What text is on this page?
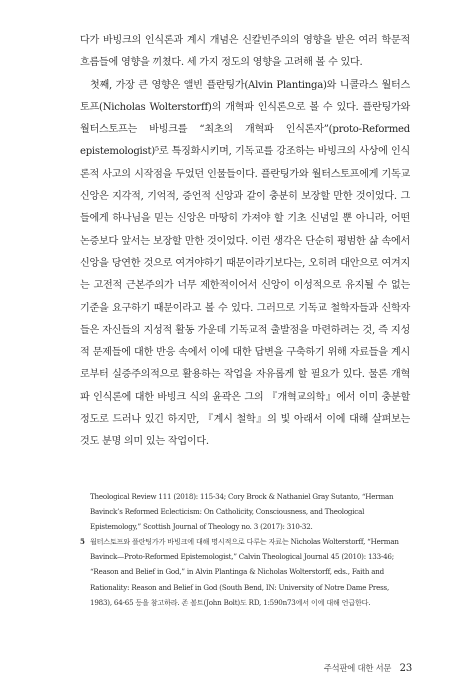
다가 바빙크의 인식론과 계시 개념은 신칼빈주의의 영향을 받은 여러 학문적 흐름들에 영향을 끼쳤다. 세 가지 정도의 영향을 고려해 볼 수 있다.

첫째, 가장 큰 영향은 앨빈 플란팅가(Alvin Plantinga)와 니콜라스 월터스토프(Nicholas Wolterstorff)의 개혁파 인식론으로 볼 수 있다. 플란팅가와 월터스토프는 바빙크를 “최초의 개혁파 인식론자”(proto-Reformed epistemologist)⁵로 특징화시키며, 기독교를 강조하는 바빙크의 사상에 인식론적 사고의 시작점을 두었던 인물들이다. 플란팅가와 월터스토프에게 기독교 신앙은 지각적, 기억적, 증언적 신앙과 같이 충분히 보장할 만한 것이었다. 그들에게 하나님을 믿는 신앙은 마땅히 가져야 할 기초 신념일 뿐 아니라, 어떤 논증보다 앞서는 보장할 만한 것이었다. 이런 생각은 단순히 평범한 삶 속에서 신앙을 당연한 것으로 여겨야하기 때문이라기보다는, 오히려 대안으로 여겨지는 고전적 근본주의가 너무 제한적이어서 신앙이 이성적으로 유지될 수 없는 기준을 요구하기 때문이라고 볼 수 있다. 그러므로 기독교 철학자들과 신학자들은 자신들의 지성적 활동 가운데 기독교적 출발점을 마련하려는 것, 즉 지성적 문제들에 대한 반응 속에서 이에 대한 답변을 구축하기 위해 자료들을 계시로부터 실증주의적으로 활용하는 작업을 자유롭게 할 필요가 있다. 물론 개혁파 인식론에 대한 바빙크 식의 윤곽은 그의 『개혁교의학』에서 이미 충분할 정도로 드러나 있긴 하지만, 『계시 철학』의 빛 아래서 이에 대해 살펴보는 것도 분명 의미 있는 작업이다.

Theological Review 111 (2018): 115-34; Cory Brock & Nathaniel Gray Sutanto, “Herman Bavinck’s Reformed Eclecticism: On Catholicity, Consciousness, and Theological Epistemology,” Scottish Journal of Theology no. 3 (2017): 310-32.

5 월터스토프와 플란팅가가 바빙크에 대해 명시적으로 다루는 자료는 Nicholas Wolterstorff, “Herman Bavinck—Proto-Reformed Epistemologist,” Calvin Theological Journal 45 (2010): 133-46; “Reason and Belief in God,” in Alvin Plantinga & Nicholas Wolterstorff, eds., Faith and Rationality: Reason and Belief in God (South Bend, IN: University of Notre Dame Press, 1983), 64-65 등을 참고하라. 존 볼트(John Bolt)도 RD, 1:590n73에서 이에 대해 언급한다.

주석판에 대한 서문 23
